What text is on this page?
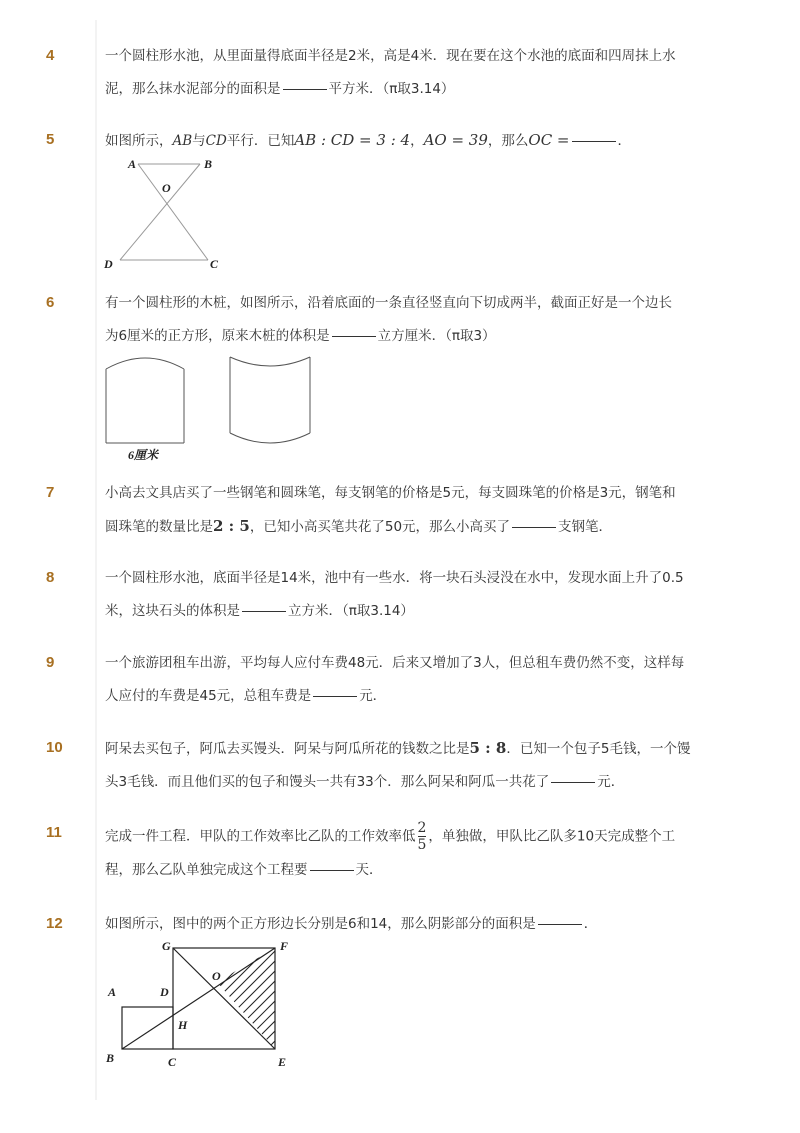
4	一个圆柱形水池，从里面量得底面半径是2米，高是4米．现在要在这个水池的底面和四周抹上水
泥，那么抹水泥部分的面积是	平方米．（π取3.14）
5	如图所示，AB与CD平行．已知AB : CD = 3 : 4，AO = 39，那么OC =	．
A	B
O
D	C
6	有一个圆柱形的木桩，如图所示，沿着底面的一条直径竖直向下切成两半，截面正好是一个边长
为6厘米的正方形，原来木桩的体积是	立方厘米．（π取3）
6厘米
7	小高去文具店买了一些钢笔和圆珠笔，每支钢笔的价格是5元，每支圆珠笔的价格是3元，钢笔和
圆珠笔的数量比是2 : 5，已知小高买笔共花了50元，那么小高买了	支钢笔．
8	一个圆柱形水池，底面半径是14米，池中有一些水．将一块石头浸没在水中，发现水面上升了0.5
米，这块石头的体积是	立方米．（π取3.14）
9	一个旅游团租车出游，平均每人应付车费48元．后来又增加了3人，但总租车费仍然不变，这样每
人应付的车费是45元，总租车费是	元．
10	阿呆去买包子，阿瓜去买馒头．阿呆与阿瓜所花的钱数之比是5 : 8．已知一个包子5毛钱，一个馒
头3毛钱．而且他们买的包子和馒头一共有33个．那么阿呆和阿瓜一共花了	元．
11	完成一件工程．甲队的工作效率比乙队的工作效率低 $\frac{2}{5}$ ，单独做，甲队比乙队多10天完成整个工
程，那么乙队单独完成这个工程要	天．
12	如图所示，图中的两个正方形边长分别是6和14，那么阴影部分的面积是	．
G	F
O
A	D
H
B	C	E
